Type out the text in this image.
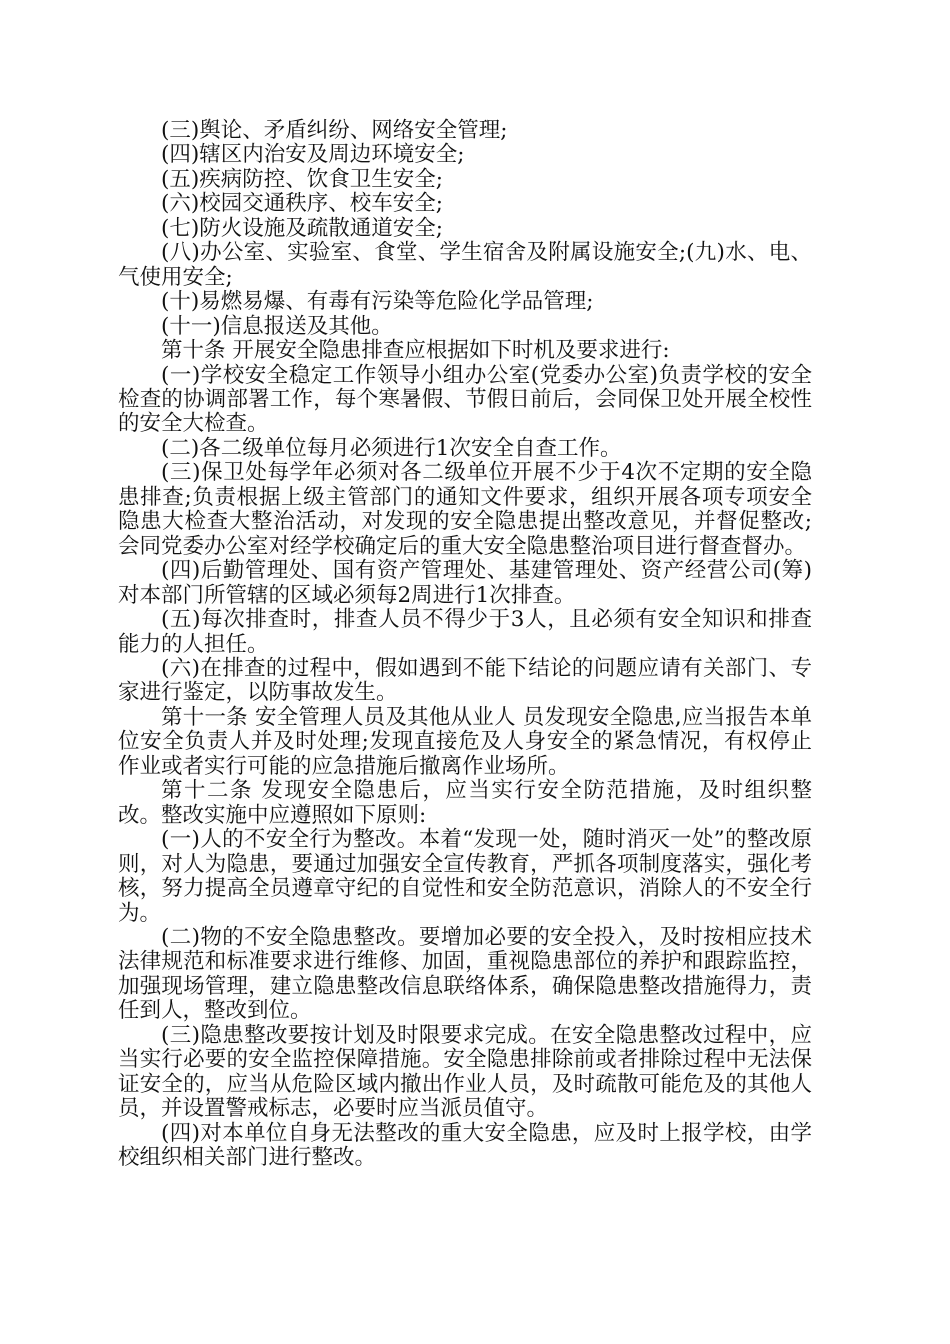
(三)舆论、矛盾纠纷、网络安全管理;

(四)辖区内治安及周边环境安全;

(五)疾病防控、饮食卫生安全;

(六)校园交通秩序、校车安全;

(七)防火设施及疏散通道安全;

(八)办公室、实验室、食堂、学生宿舍及附属设施安全;(九)水、电、气使用安全;

(十)易燃易爆、有毒有污染等危险化学品管理;

(十一)信息报送及其他。

第十条 开展安全隐患排查应根据如下时机及要求进行:

(一)学校安全稳定工作领导小组办公室(党委办公室)负责学校的安全检查的协调部署工作，每个寒暑假、节假日前后，会同保卫处开展全校性的安全大检查。

(二)各二级单位每月必须进行1次安全自查工作。

(三)保卫处每学年必须对各二级单位开展不少于4次不定期的安全隐患排查;负责根据上级主管部门的通知文件要求，组织开展各项专项安全隐患大检查大整治活动，对发现的安全隐患提出整改意见，并督促整改;会同党委办公室对经学校确定后的重大安全隐患整治项目进行督查督办。

(四)后勤管理处、国有资产管理处、基建管理处、资产经营公司(筹)对本部门所管辖的区域必须每2周进行1次排查。

(五)每次排查时，排查人员不得少于3人，且必须有安全知识和排查能力的人担任。

(六)在排查的过程中，假如遇到不能下结论的问题应请有关部门、专家进行鉴定，以防事故发生。

第十一条 安全管理人员及其他从业人 员发现安全隐患,应当报告本单位安全负责人并及时处理;发现直接危及人身安全的紧急情况，有权停止作业或者实行可能的应急措施后撤离作业场所。

第十二条 发现安全隐患后，应当实行安全防范措施，及时组织整改。整改实施中应遵照如下原则:

(一)人的不安全行为整改。本着“发现一处，随时消灭一处”的整改原则，对人为隐患，要通过加强安全宣传教育，严抓各项制度落实，强化考核，努力提高全员遵章守纪的自觉性和安全防范意识，消除人的不安全行为。

(二)物的不安全隐患整改。要增加必要的安全投入，及时按相应技术法律规范和标准要求进行维修、加固，重视隐患部位的养护和跟踪监控，加强现场管理，建立隐患整改信息联络体系，确保隐患整改措施得力，责任到人，整改到位。

(三)隐患整改要按计划及时限要求完成。在安全隐患整改过程中，应当实行必要的安全监控保障措施。安全隐患排除前或者排除过程中无法保证安全的，应当从危险区域内撤出作业人员，及时疏散可能危及的其他人员，并设置警戒标志，必要时应当派员值守。

(四)对本单位自身无法整改的重大安全隐患，应及时上报学校，由学校组织相关部门进行整改。
